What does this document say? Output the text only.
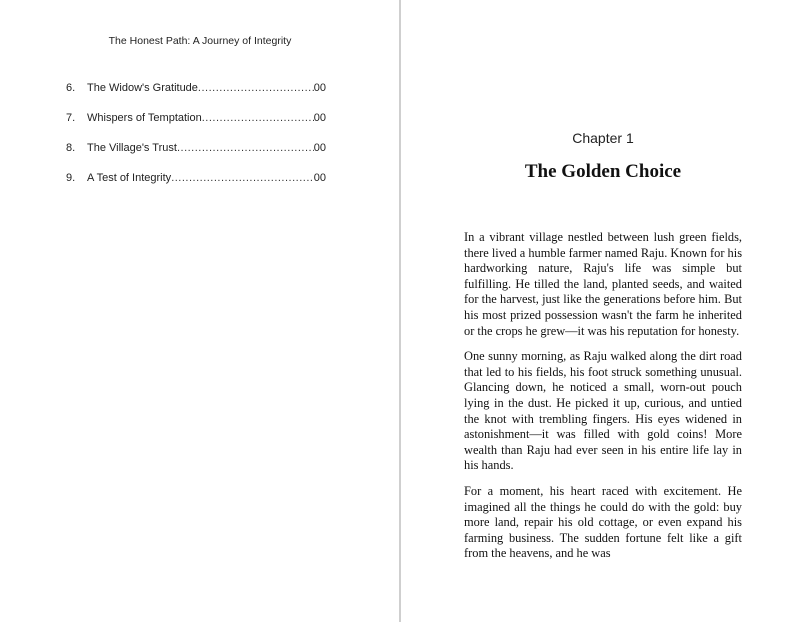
The Honest Path: A Journey of Integrity
6.	The Widow's Gratitude .....	00
7.	Whispers of Temptation .....	00
8.	The Village's Trust .....	00
9.	A Test of Integrity .....	00
Chapter 1
The Golden Choice

In a vibrant village nestled between lush green fields, there lived a humble farmer named Raju. Known for his hardworking nature, Raju's life was simple but fulfilling. He tilled the land, planted seeds, and waited for the harvest, just like the generations before him. But his most prized possession wasn't the farm he inherited or the crops he grew—it was his reputation for honesty.

One sunny morning, as Raju walked along the dirt road that led to his fields, his foot struck something unusual. Glancing down, he noticed a small, worn-out pouch lying in the dust. He picked it up, curious, and untied the knot with trembling fingers. His eyes widened in astonishment—it was filled with gold coins! More wealth than Raju had ever seen in his entire life lay in his hands.

For a moment, his heart raced with excitement. He imagined all the things he could do with the gold: buy more land, repair his old cottage, or even expand his farming business. The sudden fortune felt like a gift from the heavens, and he was
